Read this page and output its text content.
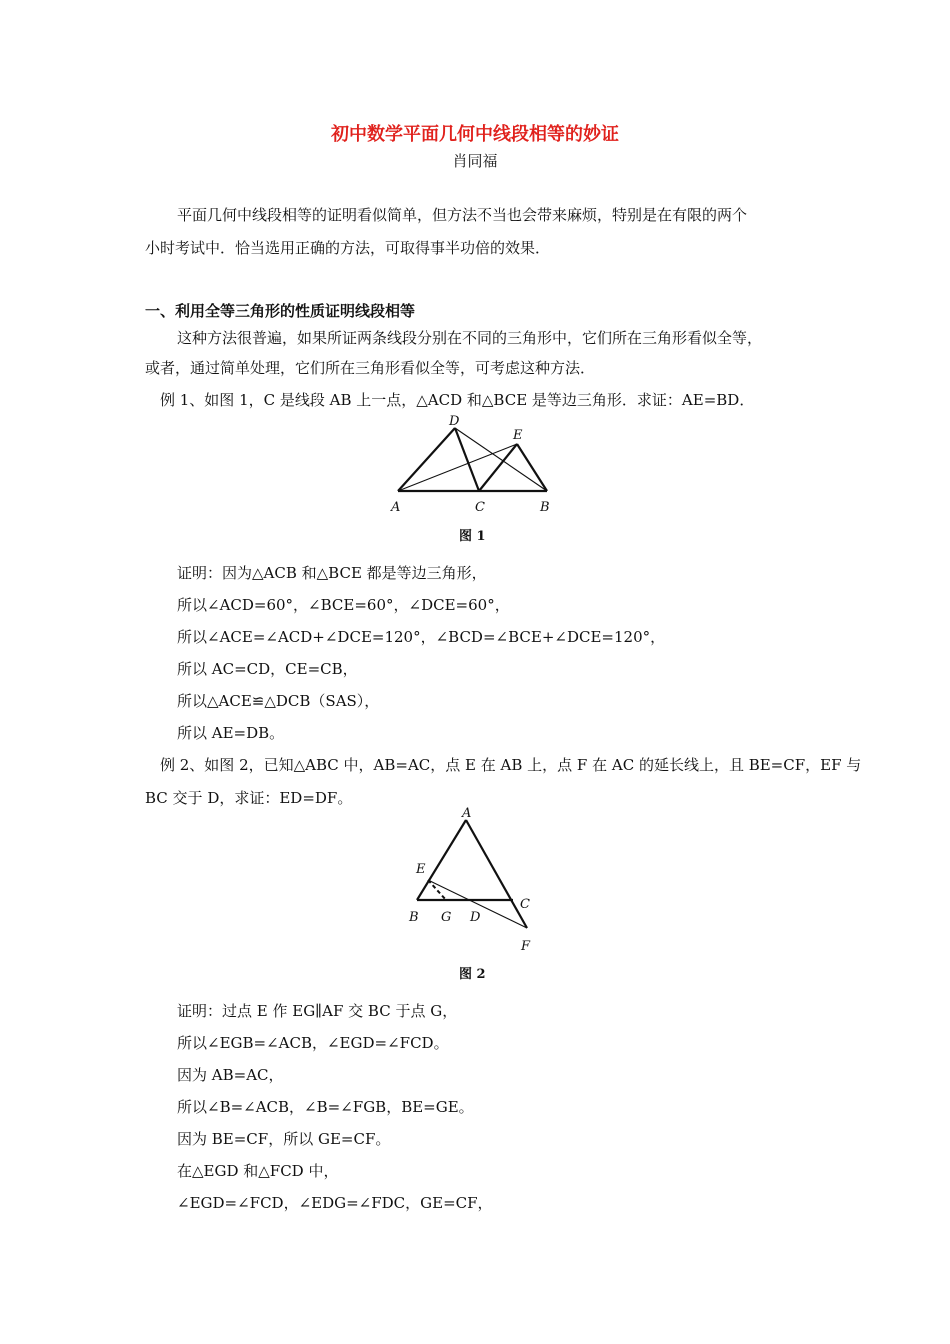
初中数学平面几何中线段相等的妙证
肖同福
平面几何中线段相等的证明看似简单，但方法不当也会带来麻烦，特别是在有限的两个
小时考试中．恰当选用正确的方法，可取得事半功倍的效果．
一、利用全等三角形的性质证明线段相等
这种方法很普遍，如果所证两条线段分别在不同的三角形中，它们所在三角形看似全等，
或者，通过简单处理，它们所在三角形看似全等，可考虑这种方法．
例 1、如图 1，C 是线段 AB 上一点，△ACD 和△BCE 是等边三角形．求证：AE=BD．
D
E
A	C	B
图 1
证明：因为△ACB 和△BCE 都是等边三角形，
所以∠ACD=60°，∠BCE=60°，∠DCE=60°，
所以∠ACE=∠ACD+∠DCE=120°，∠BCD=∠BCE+∠DCE=120°，
所以 AC=CD，CE=CB，
所以△ACE≌△DCB（SAS），
所以 AE=DB。
例 2、如图 2，已知△ABC 中，AB=AC，点 E 在 AB 上，点 F 在 AC 的延长线上，且 BE=CF，EF 与
BC 交于 D，求证：ED=DF。
A
E
C
B G D
F
图 2
证明：过点 E 作 EG∥AF 交 BC 于点 G，
所以∠EGB=∠ACB，∠EGD=∠FCD。
因为 AB=AC，
所以∠B=∠ACB，∠B=∠FGB，BE=GE。
因为 BE=CF，所以 GE=CF。
在△EGD 和△FCD 中，
∠EGD=∠FCD，∠EDG=∠FDC，GE=CF，
